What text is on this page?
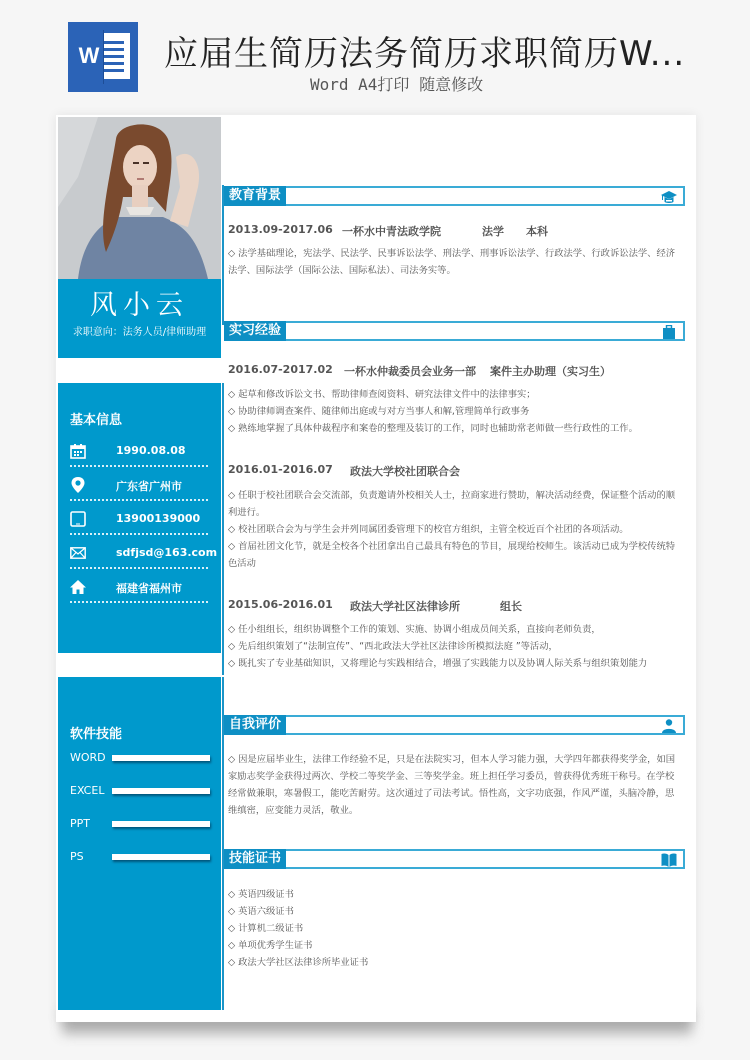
W 应届生简历法务简历求职简历W...
Word A4打印 随意修改
风小云
求职意向：法务人员/律师助理
基本信息
1990.08.08
广东省广州市
13900139000
sdfjsd@163.com
福建省福州市
软件技能
WORD
EXCEL
PPT
PS
教育背景
2013.09-2017.06 一杯水中青法政学院	法学 本科

◇ 法学基础理论，宪法学、民法学、民事诉讼法学、刑法学、刑事诉讼法学、行政法学、行政诉讼法学、经济法学、国际法学（国际公法、国际私法）、司法务实等。

实习经验
2016.07-2017.02 一杯水仲裁委员会业务一部 案件主办助理（实习生）

◇ 起草和修改诉讼文书、帮助律师查阅资料、研究法律文件中的法律事实；

◇ 协助律师调查案件、随律师出庭或与对方当事人和解,管理简单行政事务

◇ 熟练地掌握了具体仲裁程序和案卷的整理及装订的工作，同时也辅助常老师做一些行政性的工作。

2016.01-2016.07 政法大学校社团联合会

◇ 任职于校社团联合会交流部，负责邀请外校相关人士，拉商家进行赞助，解决活动经费，保证整个活动的顺利进行。

◇ 校社团联合会为与学生会并列同属团委管理下的校官方组织，主管全校近百个社团的各项活动。

◇ 首届社团文化节，就是全校各个社团拿出自己最具有特色的节目，展现给校师生。该活动已成为学校传统特色活动

2015.06-2016.01 政法大学社区法律诊所	组长

◇ 任小组组长，组织协调整个工作的策划、实施、协调小组成员间关系，直接向老师负责，

◇ 先后组织策划了“法制宣传”、“西北政法大学社区法律诊所模拟法庭 ”等活动，

◇ 既扎实了专业基础知识，又将理论与实践相结合，增强了实践能力以及协调人际关系与组织策划能力

自我评价

◇ 因是应届毕业生，法律工作经验不足，只是在法院实习，但本人学习能力强，大学四年都获得奖学金，如国家励志奖学金获得过两次、学校二等奖学金、三等奖学金。班上担任学习委员，曾获得优秀班干称号。在学校经常做兼职，寒暑假工，能吃苦耐劳。这次通过了司法考试。悟性高，文字功底强，作风严谨，头脑冷静，思维缜密，应变能力灵活，敬业。

技能证书

◇ 英语四级证书

◇ 英语六级证书

◇ 计算机二级证书

◇ 单项优秀学生证书

◇ 政法大学社区法律诊所毕业证书
